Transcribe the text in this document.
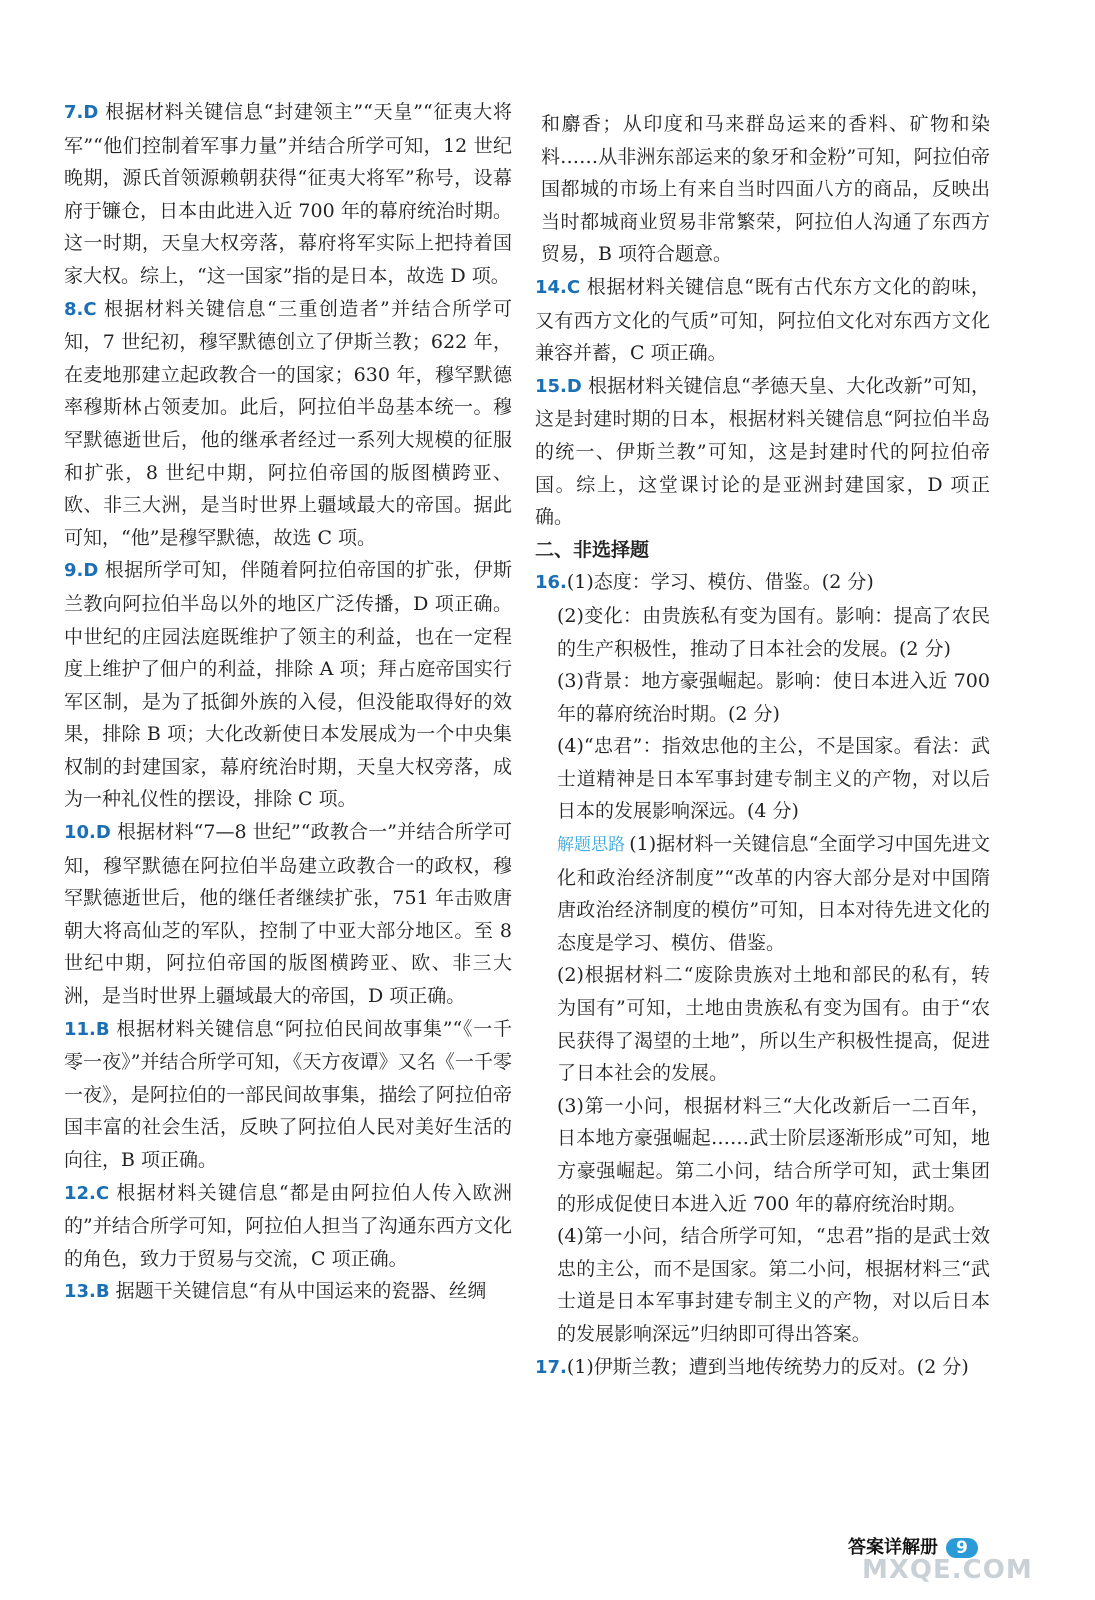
7.D 根据材料关键信息“封建领主”“天皇”“征夷大将军”“他们控制着军事力量”并结合所学可知，12 世纪晚期，源氏首领源赖朝获得“征夷大将军”称号，设幕府于镰仓，日本由此进入近 700 年的幕府统治时期。这一时期，天皇大权旁落，幕府将军实际上把持着国家大权。综上，“这一国家”指的是日本，故选 D 项。
8.C 根据材料关键信息“三重创造者”并结合所学可知，7 世纪初，穆罕默德创立了伊斯兰教；622 年，在麦地那建立起政教合一的国家；630 年，穆罕默德率穆斯林占领麦加。此后，阿拉伯半岛基本统一。穆罕默德逝世后，他的继承者经过一系列大规模的征服和扩张，8 世纪中期，阿拉伯帝国的版图横跨亚、欧、非三大洲，是当时世界上疆域最大的帝国。据此可知，“他”是穆罕默德，故选 C 项。
9.D 根据所学可知，伴随着阿拉伯帝国的扩张，伊斯兰教向阿拉伯半岛以外的地区广泛传播，D 项正确。中世纪的庄园法庭既维护了领主的利益，也在一定程度上维护了佃户的利益，排除 A 项；拜占庭帝国实行军区制，是为了抵御外族的入侵，但没能取得好的效果，排除 B 项；大化改新使日本发展成为一个中央集权制的封建国家，幕府统治时期，天皇大权旁落，成为一种礼仪性的摆设，排除 C 项。
10.D 根据材料“7—8 世纪”“政教合一”并结合所学可知，穆罕默德在阿拉伯半岛建立政教合一的政权，穆罕默德逝世后，他的继任者继续扩张，751 年击败唐朝大将高仙芝的军队，控制了中亚大部分地区。至 8 世纪中期，阿拉伯帝国的版图横跨亚、欧、非三大洲，是当时世界上疆域最大的帝国，D 项正确。
11.B 根据材料关键信息“阿拉伯民间故事集”“《一千零一夜》”并结合所学可知，《天方夜谭》又名《一千零一夜》，是阿拉伯的一部民间故事集，描绘了阿拉伯帝国丰富的社会生活，反映了阿拉伯人民对美好生活的向往，B 项正确。
12.C 根据材料关键信息“都是由阿拉伯人传入欧洲的”并结合所学可知，阿拉伯人担当了沟通东西方文化的角色，致力于贸易与交流，C 项正确。
13.B 据题干关键信息“有从中国运来的瓷器、丝绸
和麝香；从印度和马来群岛运来的香料、矿物和染料……从非洲东部运来的象牙和金粉”可知，阿拉伯帝国都城的市场上有来自当时四面八方的商品，反映出当时都城商业贸易非常繁荣，阿拉伯人沟通了东西方贸易，B 项符合题意。
14.C 根据材料关键信息“既有古代东方文化的韵味，又有西方文化的气质”可知，阿拉伯文化对东西方文化兼容并蓄，C 项正确。
15.D 根据材料关键信息“孝德天皇、大化改新”可知，这是封建时期的日本，根据材料关键信息“阿拉伯半岛的统一、伊斯兰教”可知，这是封建时代的阿拉伯帝国。综上，这堂课讨论的是亚洲封建国家，D 项正确。
二、非选择题
16.(1)态度：学习、模仿、借鉴。(2 分)
(2)变化：由贵族私有变为国有。影响：提高了农民的生产积极性，推动了日本社会的发展。(2 分)
(3)背景：地方豪强崛起。影响：使日本进入近 700 年的幕府统治时期。(2 分)
(4)“忠君”：指效忠他的主公，不是国家。看法：武士道精神是日本军事封建专制主义的产物，对以后日本的发展影响深远。(4 分)
解题思路 (1)据材料一关键信息“全面学习中国先进文化和政治经济制度”“改革的内容大部分是对中国隋唐政治经济制度的模仿”可知，日本对待先进文化的态度是学习、模仿、借鉴。
(2)根据材料二“废除贵族对土地和部民的私有，转为国有”可知，土地由贵族私有变为国有。由于“农民获得了渴望的土地”，所以生产积极性提高，促进了日本社会的发展。
(3)第一小问，根据材料三“大化改新后一二百年，日本地方豪强崛起……武士阶层逐渐形成”可知，地方豪强崛起。第二小问，结合所学可知，武士集团的形成促使日本进入近 700 年的幕府统治时期。
(4)第一小问，结合所学可知，“忠君”指的是武士效忠的主公，而不是国家。第二小问，根据材料三“武士道是日本军事封建专制主义的产物，对以后日本的发展影响深远”归纳即可得出答案。
17.(1)伊斯兰教；遭到当地传统势力的反对。(2 分)
答案详解册 9
MXQE.COM
